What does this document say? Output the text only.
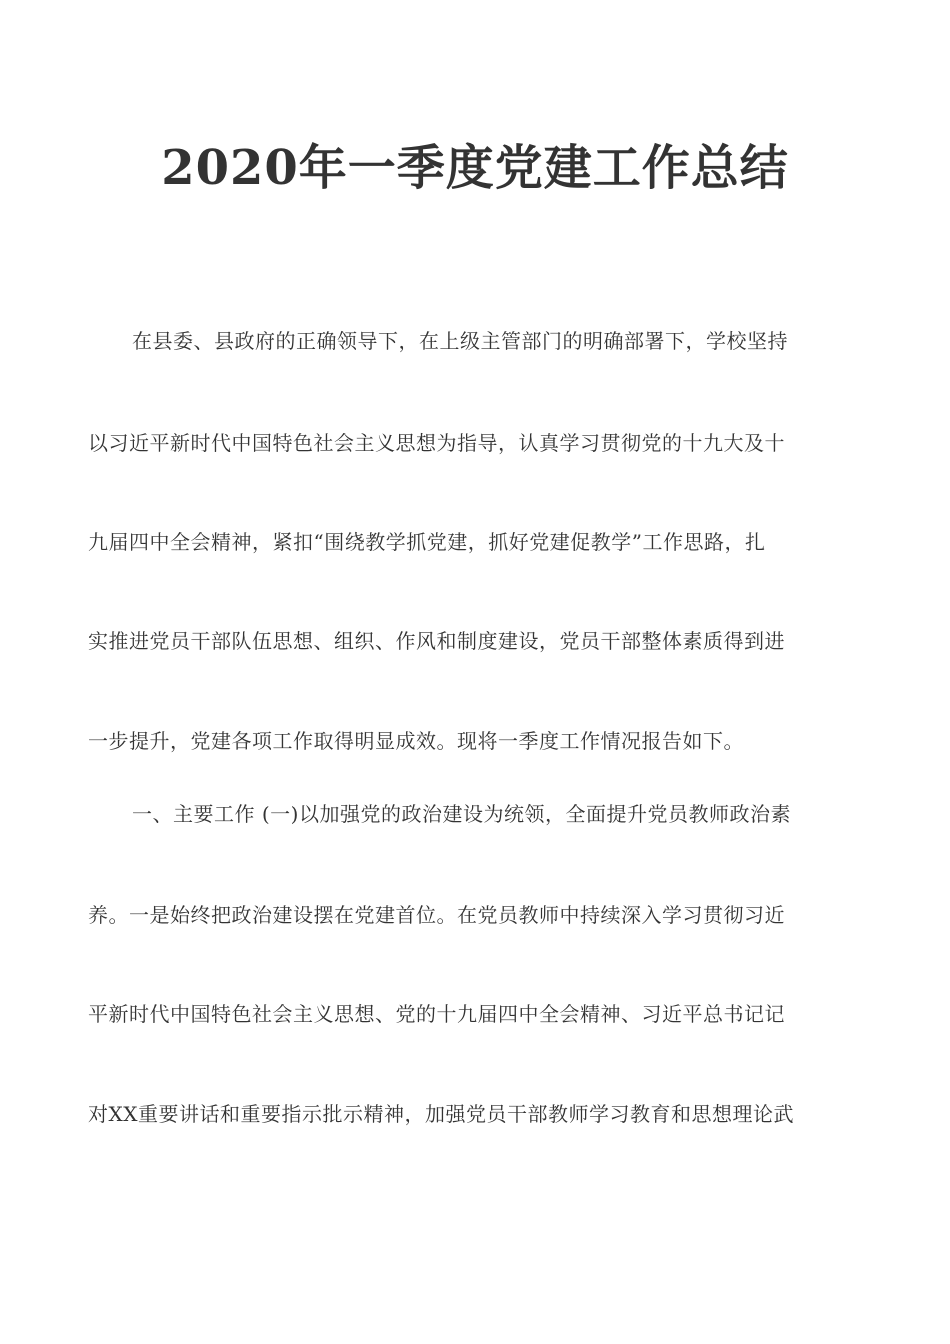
2020年一季度党建工作总结
在县委、县政府的正确领导下，在上级主管部门的明确部署下，学校坚持
以习近平新时代中国特色社会主义思想为指导，认真学习贯彻党的十九大及十
九届四中全会精神，紧扣“围绕教学抓党建，抓好党建促教学”工作思路，扎
实推进党员干部队伍思想、组织、作风和制度建设，党员干部整体素质得到进
一步提升，党建各项工作取得明显成效。现将一季度工作情况报告如下。
一、主要工作 (一)以加强党的政治建设为统领，全面提升党员教师政治素
养。一是始终把政治建设摆在党建首位。在党员教师中持续深入学习贯彻习近
平新时代中国特色社会主义思想、党的十九届四中全会精神、习近平总书记记
对XX重要讲话和重要指示批示精神，加强党员干部教师学习教育和思想理论武
